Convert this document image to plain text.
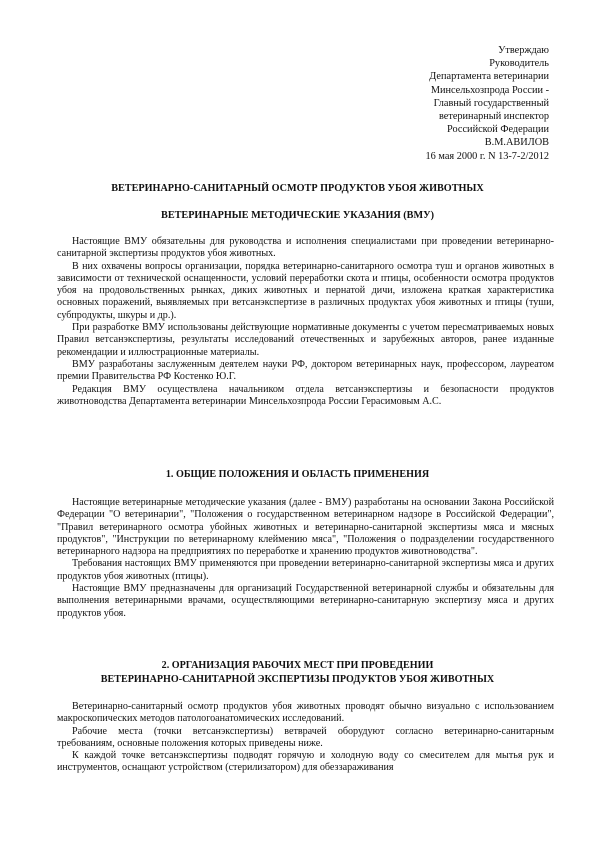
Утверждаю
Руководитель
Департамента ветеринарии
Минсельхозпрода России -
Главный государственный
ветеринарный инспектор
Российской Федерации
В.М.АВИЛОВ
16 мая 2000 г. N 13-7-2/2012
ВЕТЕРИНАРНО-САНИТАРНЫЙ ОСМОТР ПРОДУКТОВ УБОЯ ЖИВОТНЫХ
ВЕТЕРИНАРНЫЕ МЕТОДИЧЕСКИЕ УКАЗАНИЯ (ВМУ)

Настоящие ВМУ обязательны для руководства и исполнения специалистами при проведении ветеринарно-санитарной экспертизы продуктов убоя животных.

В них охвачены вопросы организации, порядка ветеринарно-санитарного осмотра туш и органов животных в зависимости от технической оснащенности, условий переработки скота и птицы, особенности осмотра продуктов убоя на продовольственных рынках, диких животных и пернатой дичи, изложена краткая характеристика основных поражений, выявляемых при ветсанэкспертизе в различных продуктах убоя животных и птицы (туши, субпродукты, шкуры и др.).

При разработке ВМУ использованы действующие нормативные документы с учетом пересматриваемых новых Правил ветсанэкспертизы, результаты исследований отечественных и зарубежных авторов, ранее изданные рекомендации и иллюстрационные материалы.

ВМУ разработаны заслуженным деятелем науки РФ, доктором ветеринарных наук, профессором, лауреатом премии Правительства РФ Костенко Ю.Г.

Редакция ВМУ осуществлена начальником отдела ветсанэкспертизы и безопасности продуктов животноводства Департамента ветеринарии Минсельхозпрода России Герасимовым А.С.

1. ОБЩИЕ ПОЛОЖЕНИЯ И ОБЛАСТЬ ПРИМЕНЕНИЯ

Настоящие ветеринарные методические указания (далее - ВМУ) разработаны на основании Закона Российской Федерации "О ветеринарии", "Положения о государственном ветеринарном надзоре в Российской Федерации", "Правил ветеринарного осмотра убойных животных и ветеринарно-санитарной экспертизы мяса и мясных продуктов", "Инструкции по ветеринарному клеймению мяса", "Положения о подразделении государственного ветеринарного надзора на предприятиях по переработке и хранению продуктов животноводства".

Требования настоящих ВМУ применяются при проведении ветеринарно-санитарной экспертизы мяса и других продуктов убоя животных (птицы).

Настоящие ВМУ предназначены для организаций Государственной ветеринарной службы и обязательны для выполнения ветеринарными врачами, осуществляющими ветеринарно-санитарную экспертизу мяса и других продуктов убоя.

2. ОРГАНИЗАЦИЯ РАБОЧИХ МЕСТ ПРИ ПРОВЕДЕНИИ
ВЕТЕРИНАРНО-САНИТАРНОЙ ЭКСПЕРТИЗЫ ПРОДУКТОВ УБОЯ ЖИВОТНЫХ

Ветеринарно-санитарный осмотр продуктов убоя животных проводят обычно визуально с использованием макроскопических методов патологоанатомических исследований.

Рабочие места (точки ветсанэкспертизы) ветврачей оборудуют согласно ветеринарно-санитарным требованиям, основные положения которых приведены ниже.

К каждой точке ветсанэкспертизы подводят горячую и холодную воду со смесителем для мытья рук и инструментов, оснащают устройством (стерилизатором) для обеззараживания
